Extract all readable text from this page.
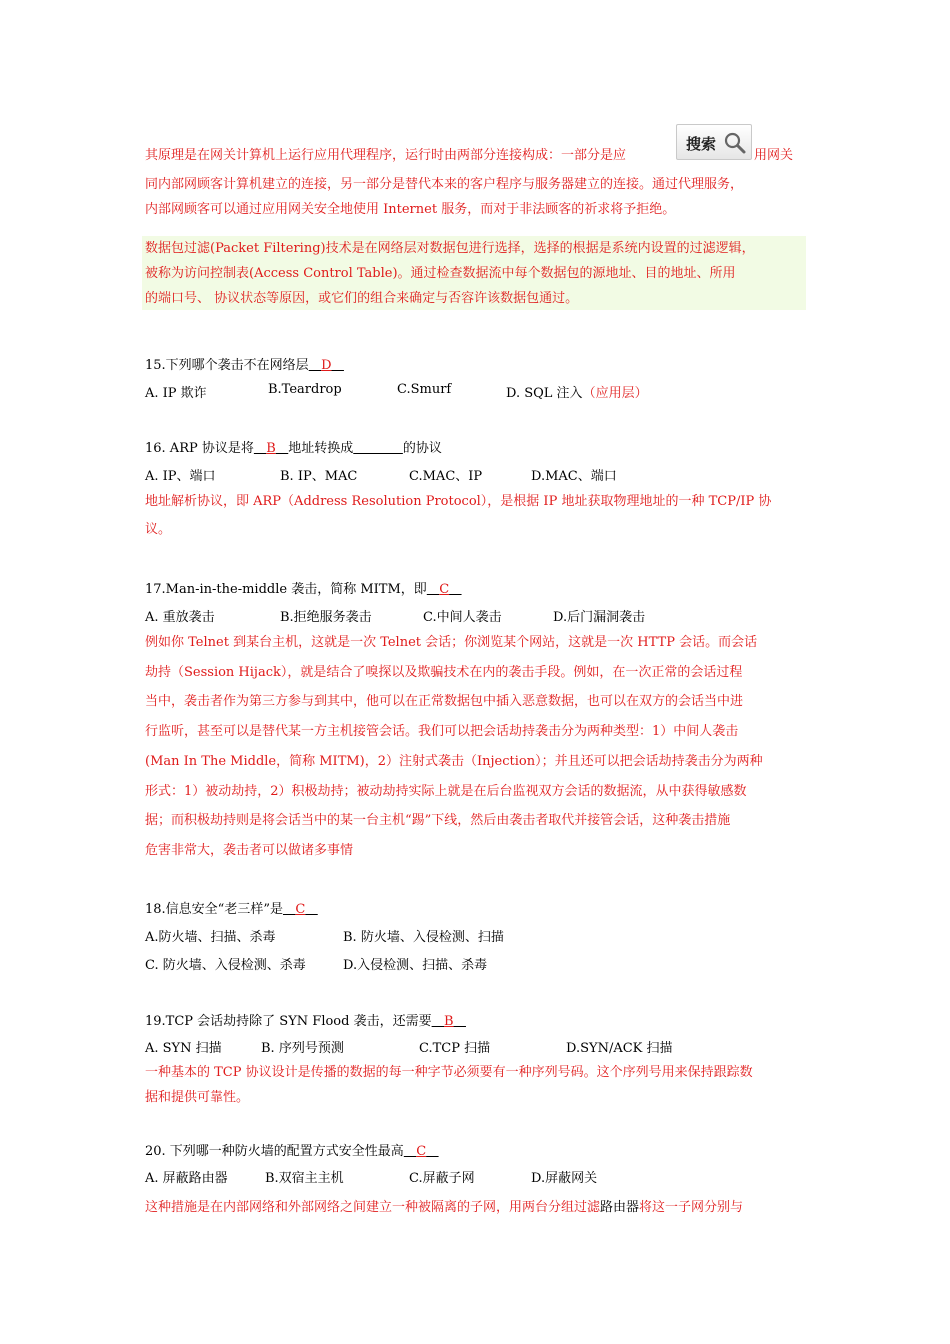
其原理是在网关计算机上运行应用代理程序，运行时由两部分连接构成：一部分是应	用网关
同内部网顾客计算机建立的连接，另一部分是替代本来的客户程序与服务器建立的连接。通过代理服务，
内部网顾客可以通过应用网关安全地使用 Internet 服务，而对于非法顾客的祈求将予拒绝。
搜索
数据包过滤(Packet Filtering)技术是在网络层对数据包进行选择，选择的根据是系统内设置的过滤逻辑，
被称为访问控制表(Access Control Table)。通过检查数据流中每个数据包的源地址、目的地址、所用
的端口号、 协议状态等原因，或它们的组合来确定与否容许该数据包通过。
15.下列哪个袭击不在网络层 D
A. IP 欺诈	B.Teardrop	C.Smurf	D. SQL 注入（应用层）
16. ARP 协议是将 B 地址转换成	的协议
A. IP、端口	B. IP、MAC	C.MAC、IP	D.MAC、端口
地址解析协议，即 ARP（Address Resolution Protocol），是根据 IP 地址获取物理地址的一种 TCP/IP 协
议。
17.Man-in-the-middle 袭击，简称 MITM，即 C
A. 重放袭击	B.拒绝服务袭击	C.中间人袭击	D.后门漏洞袭击
例如你 Telnet 到某台主机，这就是一次 Telnet 会话；你浏览某个网站，这就是一次 HTTP 会话。而会话
劫持（Session Hijack），就是结合了嗅探以及欺骗技术在内的袭击手段。例如，在一次正常的会话过程
当中，袭击者作为第三方参与到其中，他可以在正常数据包中插入恶意数据，也可以在双方的会话当中进
行监听，甚至可以是替代某一方主机接管会话。我们可以把会话劫持袭击分为两种类型：1）中间人袭击
(Man In The Middle，简称 MITM)，2）注射式袭击（Injection）；并且还可以把会话劫持袭击分为两种
形式：1）被动劫持，2）积极劫持；被动劫持实际上就是在后台监视双方会话的数据流，从中获得敏感数
据；而积极劫持则是将会话当中的某一台主机“踢”下线，然后由袭击者取代并接管会话，这种袭击措施
危害非常大，袭击者可以做诸多事情
18.信息安全“老三样”是 C
A.防火墙、扫描、杀毒	B. 防火墙、入侵检测、扫描
C. 防火墙、入侵检测、杀毒	D.入侵检测、扫描、杀毒
19.TCP 会话劫持除了 SYN Flood 袭击，还需要 B
A. SYN 扫描	B. 序列号预测	C.TCP 扫描	D.SYN/ACK 扫描
一种基本的 TCP 协议设计是传播的数据的每一种字节必须要有一种序列号码。这个序列号用来保持跟踪数
据和提供可靠性。
20. 下列哪一种防火墙的配置方式安全性最高 C
A. 屏蔽路由器	B.双宿主主机	C.屏蔽子网	D.屏蔽网关
这种措施是在内部网络和外部网络之间建立一种被隔离的子网，用两台分组过滤路由器将这一子网分别与
